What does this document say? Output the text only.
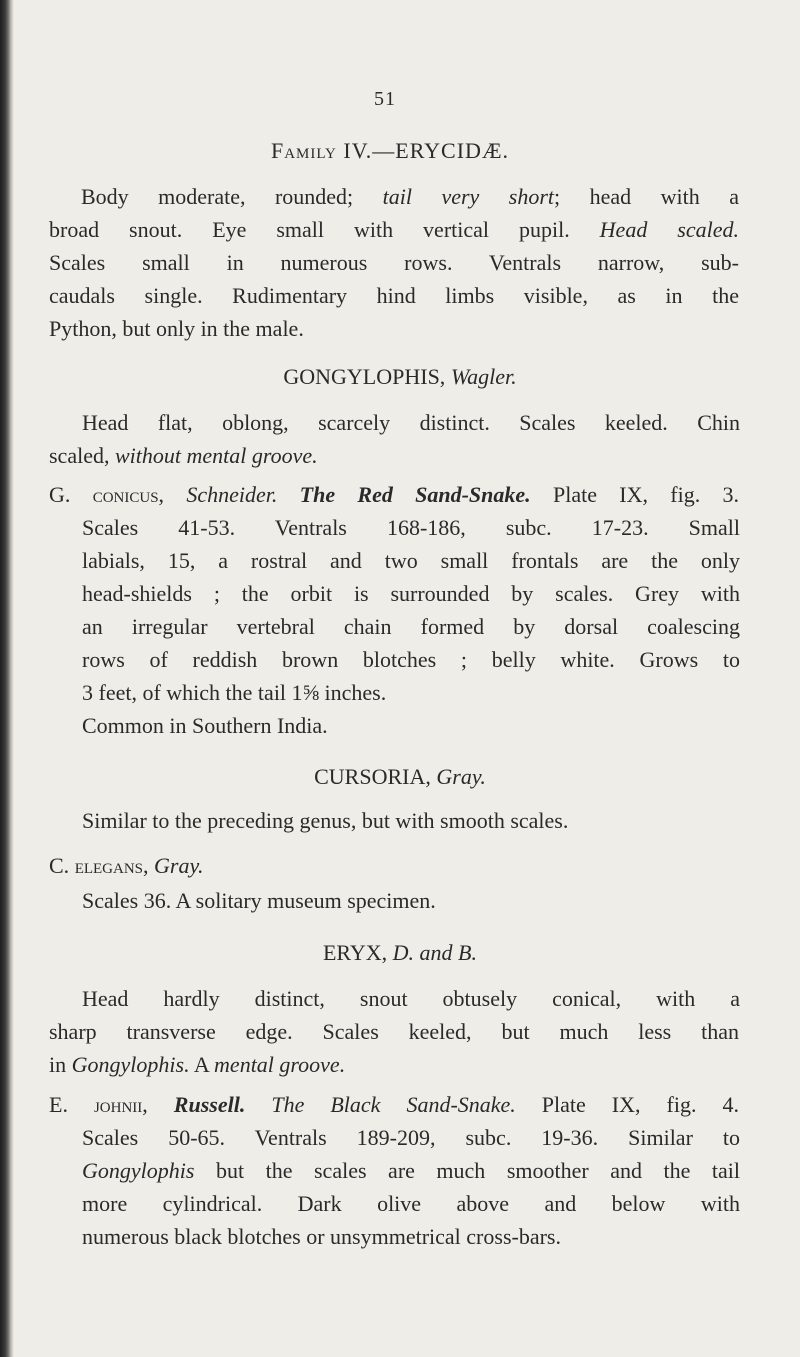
51
Family IV.—ERYCIDÆ.
Body moderate, rounded; tail very short; head with a
broad snout. Eye small with vertical pupil. Head scaled.
Scales small in numerous rows. Ventrals narrow, sub-
caudals single. Rudimentary hind limbs visible, as in the
Python, but only in the male.
GONGYLOPHIS, Wagler.
Head flat, oblong, scarcely distinct. Scales keeled. Chin
scaled, without mental groove.
G. conicus, Schneider. The Red Sand-Snake. Plate IX, fig. 3.
Scales 41-53. Ventrals 168-186, subc. 17-23. Small
labials, 15, a rostral and two small frontals are the only
head-shields ; the orbit is surrounded by scales. Grey with
an irregular vertebral chain formed by dorsal coalescing
rows of reddish brown blotches ; belly white. Grows to
3 feet, of which the tail 1⅝ inches.
Common in Southern India.
CURSORIA, Gray.
Similar to the preceding genus, but with smooth scales.
C. elegans, Gray.
Scales 36. A solitary museum specimen.
ERYX, D. and B.
Head hardly distinct, snout obtusely conical, with a
sharp transverse edge. Scales keeled, but much less than
in Gongylophis. A mental groove.
E. johnii, Russell. The Black Sand-Snake. Plate IX, fig. 4.
Scales 50-65. Ventrals 189-209, subc. 19-36. Similar to
Gongylophis but the scales are much smoother and the tail
more cylindrical. Dark olive above and below with
numerous black blotches or unsymmetrical cross-bars.
